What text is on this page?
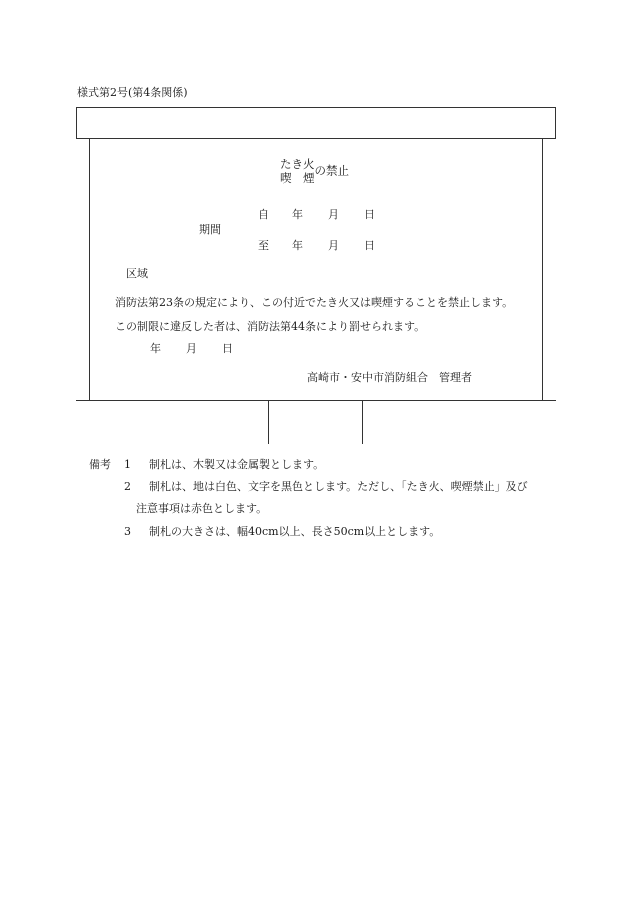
様式第2号(第4条関係)
たき火
喫　煙
の禁止
期間
自 年 月 日
至 年 月 日
区域
消防法第23条の規定により、この付近でたき火又は喫煙することを禁止します。
この制限に違反した者は、消防法第44条により罰せられます。
年 月 日
高崎市・安中市消防組合　管理者
備考 1 制札は、木製又は金属製とします。
2 制札は、地は白色、文字を黒色とします。ただし、「たき火、喫煙禁止」及び
注意事項は赤色とします。
3 制札の大きさは、幅40cm以上、長さ50cm以上とします。
